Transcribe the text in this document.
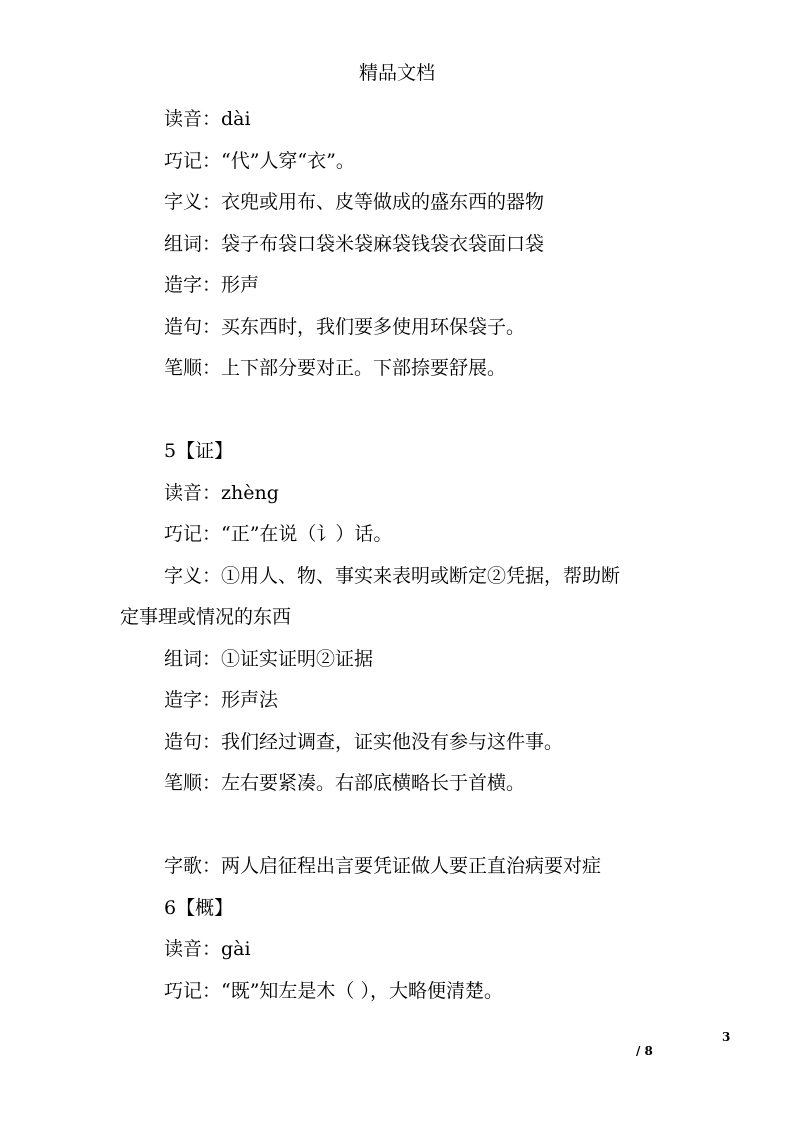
精品文档
读音：dài
巧记：“代”人穿“衣”。
字义：衣兜或用布、皮等做成的盛东西的器物
组词：袋子布袋口袋米袋麻袋钱袋衣袋面口袋
造字：形声
造句：买东西时，我们要多使用环保袋子。
笔顺：上下部分要对正。下部捺要舒展。
5【证】
读音：zhèng
巧记：“正”在说（讠）话。
字义：①用人、物、事实来表明或断定②凭据，帮助断
定事理或情况的东西
组词：①证实证明②证据
造字：形声法
造句：我们经过调查，证实他没有参与这件事。
笔顺：左右要紧凑。右部底横略长于首横。
字歌：两人启征程出言要凭证做人要正直治病要对症
6【概】
读音：gài
巧记：“既”知左是木（ ），大略便清楚。
3
/ 8
